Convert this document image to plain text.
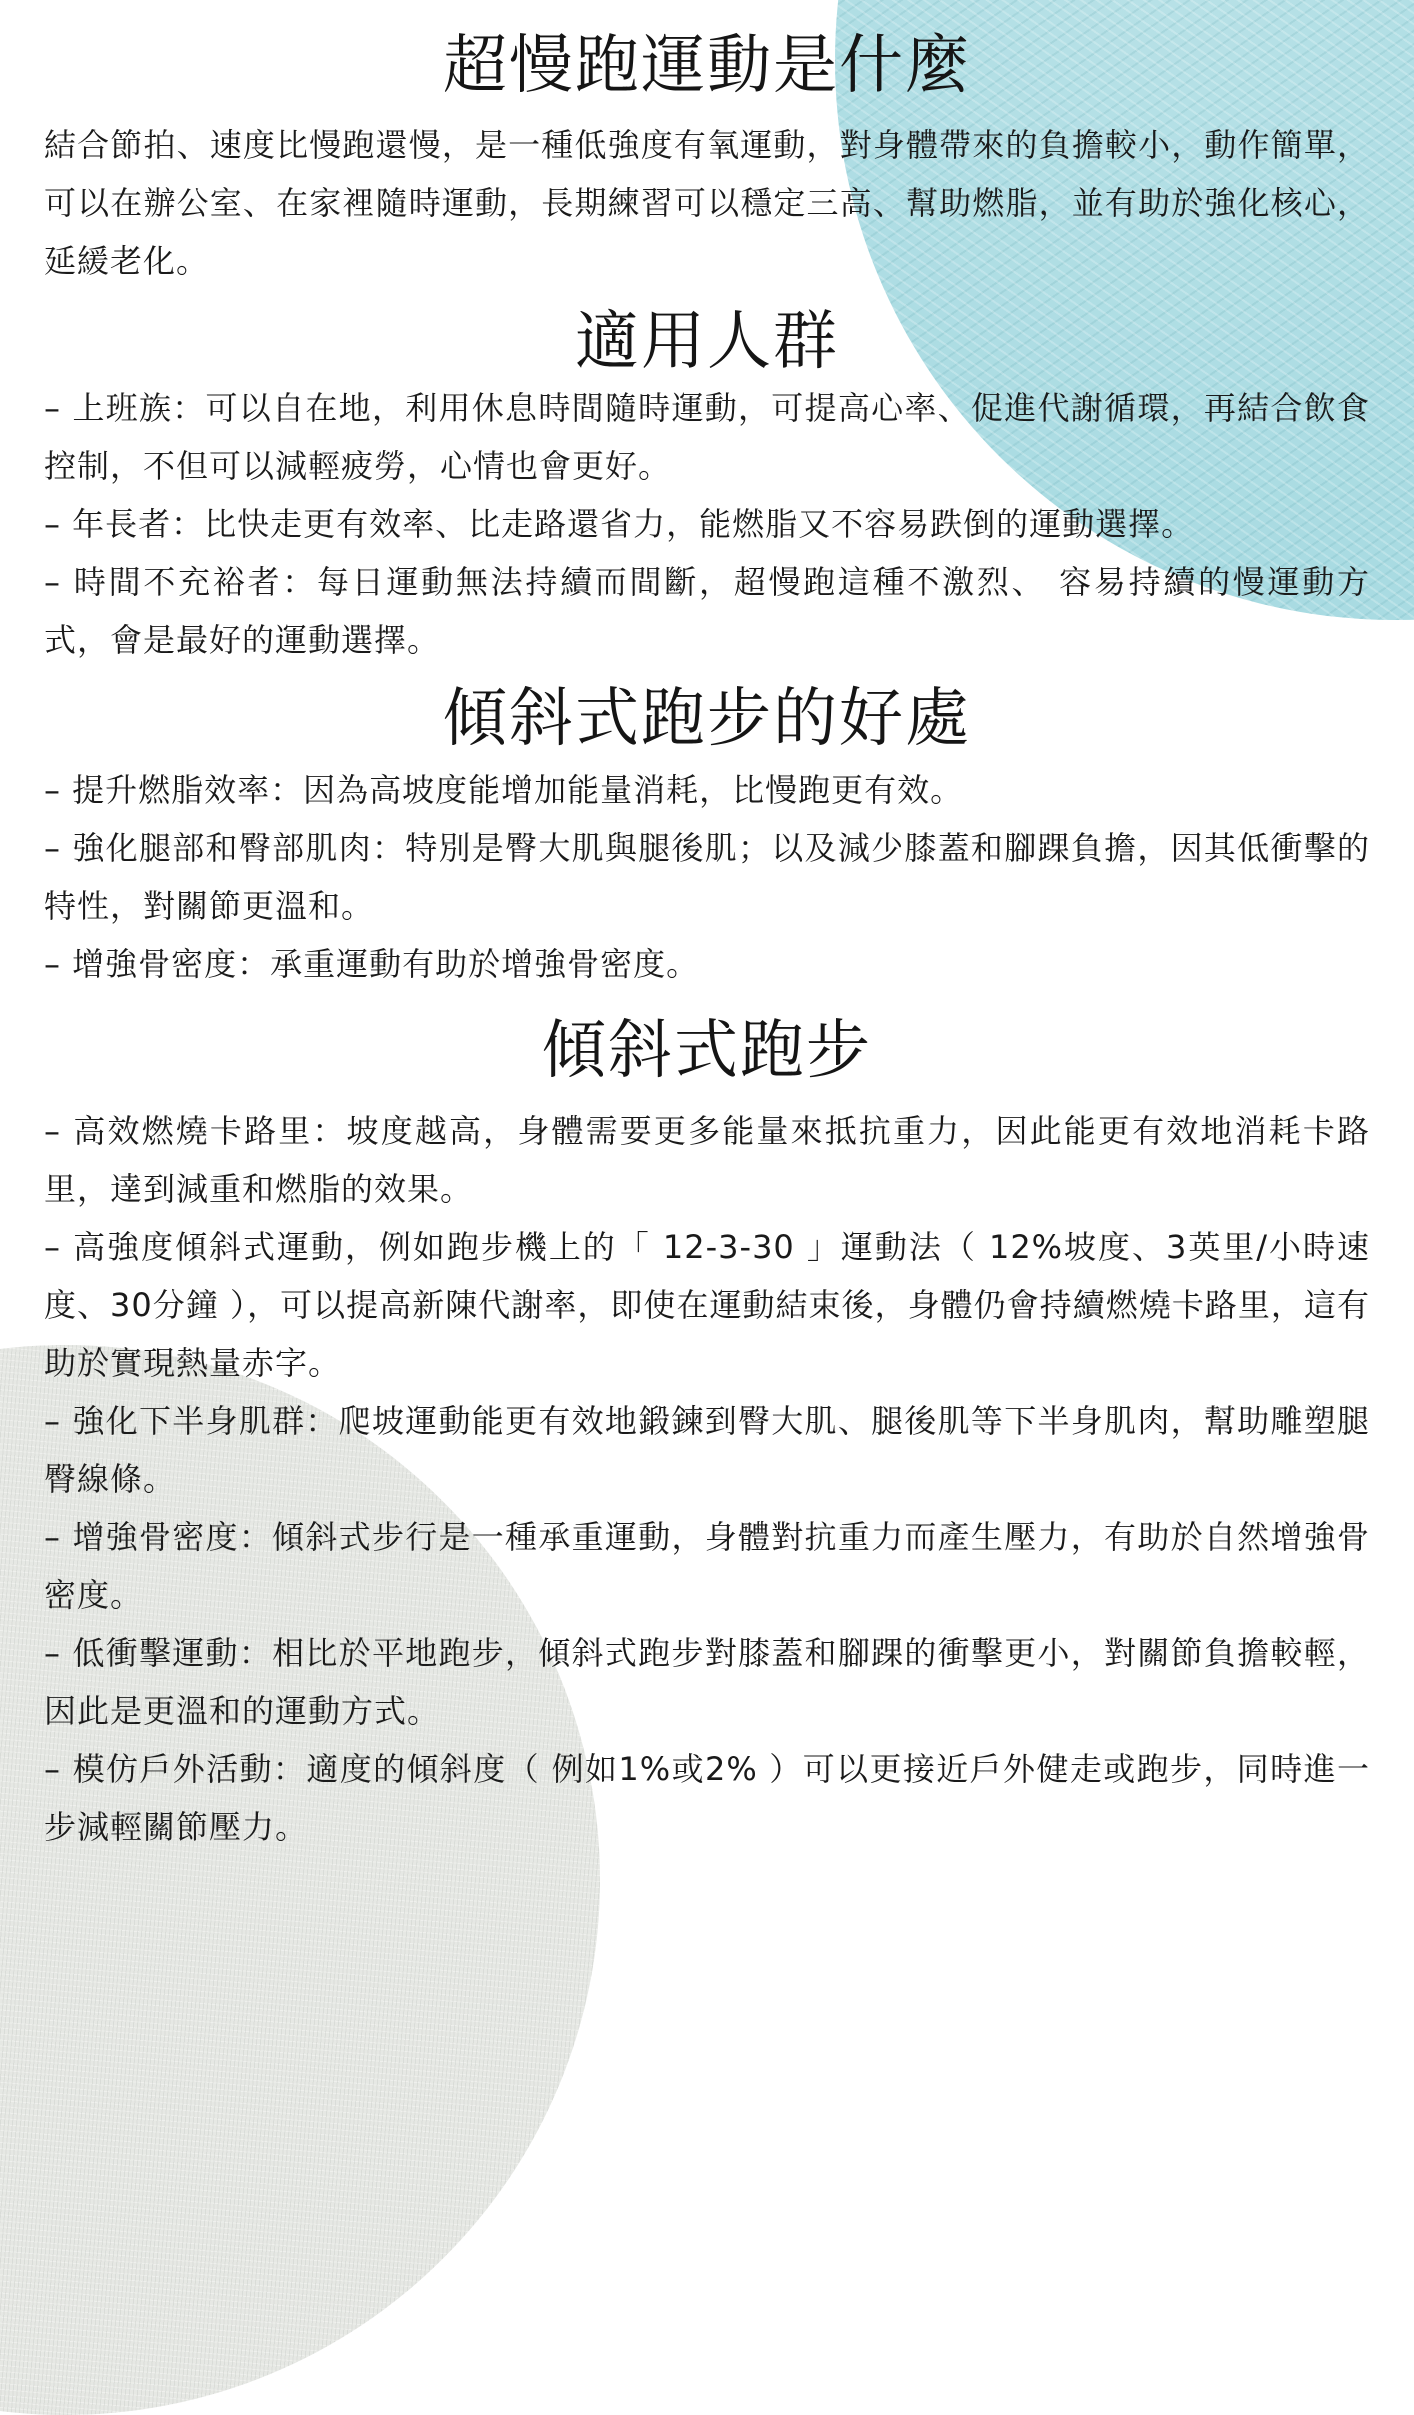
超慢跑運動是什麼

結合節拍、速度比慢跑還慢，是一種低強度有氧運動，對身體帶來的負擔較小，動作簡單，可以在辦公室、在家裡隨時運動，長期練習可以穩定三高、幫助燃脂，並有助於強化核心，延緩老化。

適用人群

– 上班族：可以自在地，利用休息時間隨時運動，可提高心率、促進代謝循環，再結合飲食控制，不但可以減輕疲勞，心情也會更好。

– 年長者：比快走更有效率、比走路還省力，能燃脂又不容易跌倒的運動選擇。

– 時間不充裕者：每日運動無法持續而間斷，超慢跑這種不激烈、 容易持續的慢運動方式，會是最好的運動選擇。

傾斜式跑步的好處

– 提升燃脂效率：因為高坡度能增加能量消耗，比慢跑更有效。

– 強化腿部和臀部肌肉：特別是臀大肌與腿後肌；以及減少膝蓋和腳踝負擔，因其低衝擊的特性，對關節更溫和。

– 增強骨密度：承重運動有助於增強骨密度。

傾斜式跑步

– 高效燃燒卡路里：坡度越高，身體需要更多能量來抵抗重力，因此能更有效地消耗卡路里，達到減重和燃脂的效果。

– 高強度傾斜式運動，例如跑步機上的「 12-3-30 」運動法（ 12%坡度、3英里/小時速度、30分鐘 ），可以提高新陳代謝率，即使在運動結束後，身體仍會持續燃燒卡路里，這有助於實現熱量赤字。

– 強化下半身肌群：爬坡運動能更有效地鍛鍊到臀大肌、腿後肌等下半身肌肉，幫助雕塑腿臀線條。

– 增強骨密度：傾斜式步行是一種承重運動，身體對抗重力而產生壓力，有助於自然增強骨密度。

– 低衝擊運動：相比於平地跑步，傾斜式跑步對膝蓋和腳踝的衝擊更小，對關節負擔較輕，因此是更溫和的運動方式。

– 模仿戶外活動：適度的傾斜度（ 例如1%或2% ）可以更接近戶外健走或跑步，同時進一步減輕關節壓力。
